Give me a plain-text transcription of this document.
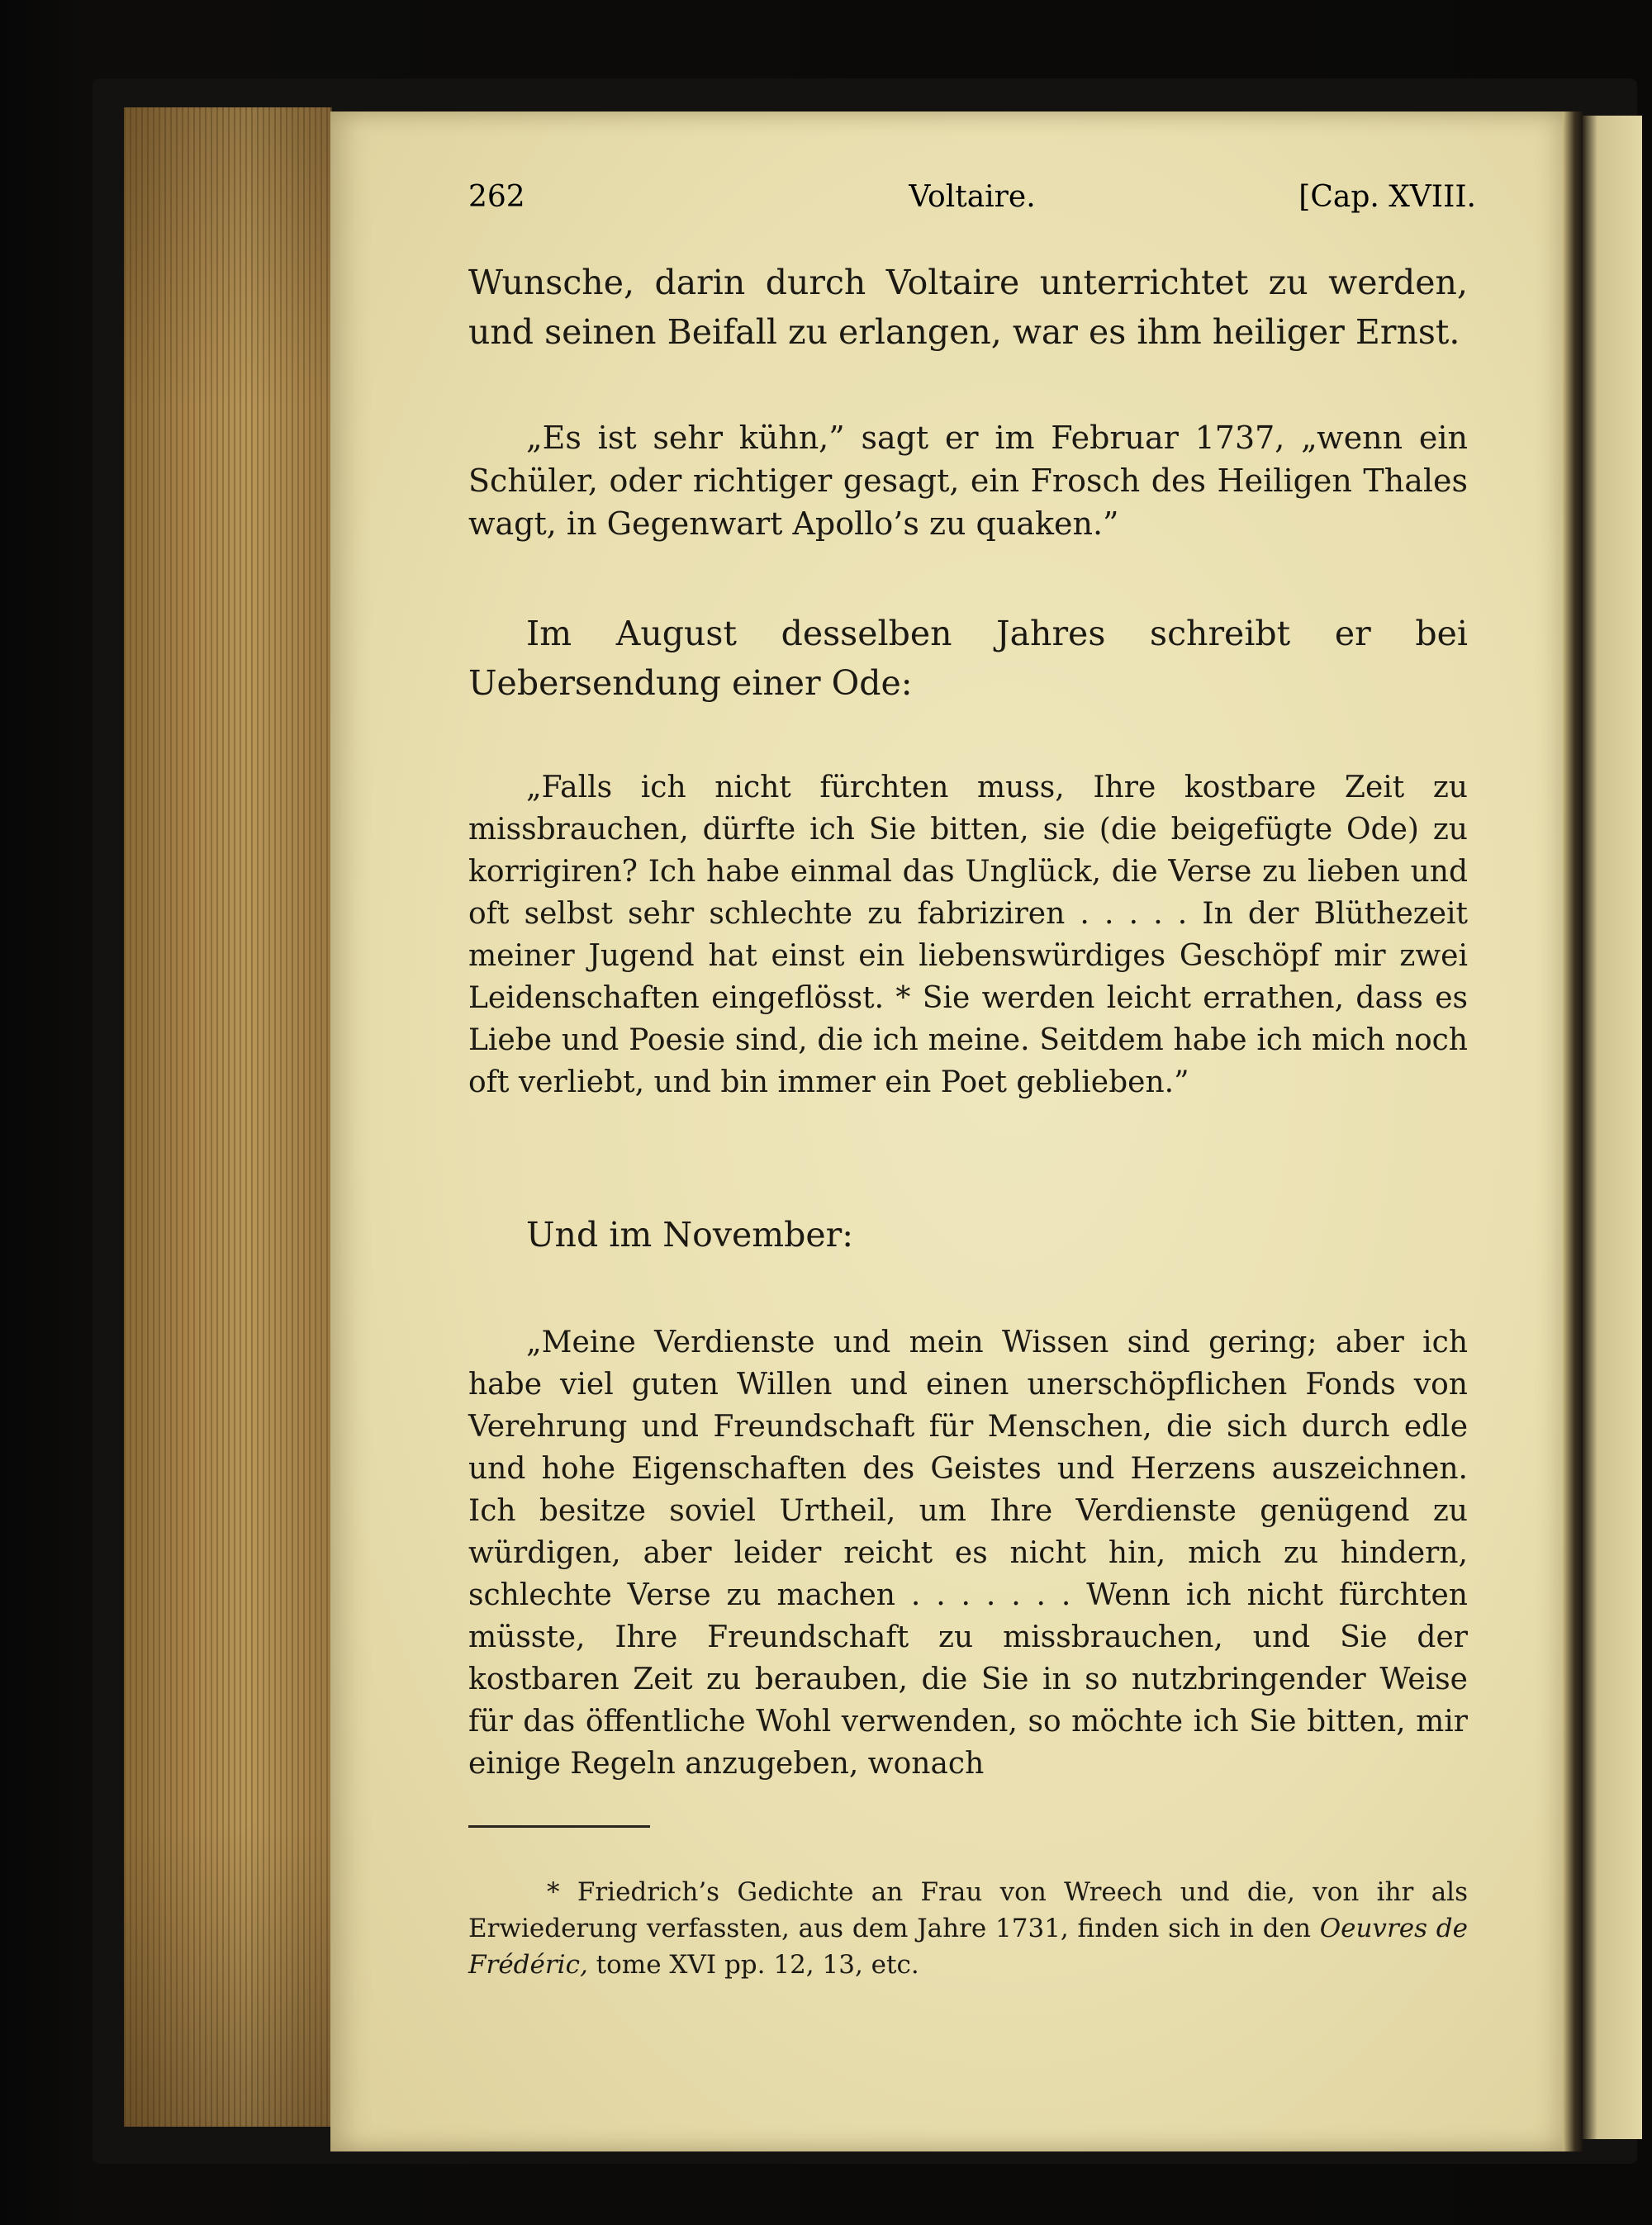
262	Voltaire.	[Cap. XVIII.

Wunsche, darin durch Voltaire unterrichtet zu werden, und seinen Beifall zu erlangen, war es ihm heiliger Ernst.

„Es ist sehr kühn,” sagt er im Februar 1737, „wenn ein Schüler, oder richtiger gesagt, ein Frosch des Heiligen Thales wagt, in Gegenwart Apollo’s zu quaken.”

Im August desselben Jahres schreibt er bei Uebersendung einer Ode:

„Falls ich nicht fürchten muss, Ihre kostbare Zeit zu missbrauchen, dürfte ich Sie bitten, sie (die beigefügte Ode) zu korrigiren? Ich habe einmal das Unglück, die Verse zu lieben und oft selbst sehr schlechte zu fabriziren . . . . . In der Blüthezeit meiner Jugend hat einst ein liebenswürdiges Geschöpf mir zwei Leidenschaften eingeflösst. * Sie werden leicht errathen, dass es Liebe und Poesie sind, die ich meine. Seitdem habe ich mich noch oft verliebt, und bin immer ein Poet geblieben.”

Und im November:

„Meine Verdienste und mein Wissen sind gering; aber ich habe viel guten Willen und einen unerschöpflichen Fonds von Verehrung und Freundschaft für Menschen, die sich durch edle und hohe Eigenschaften des Geistes und Herzens auszeichnen. Ich besitze soviel Urtheil, um Ihre Verdienste genügend zu würdigen, aber leider reicht es nicht hin, mich zu hindern, schlechte Verse zu machen . . . . . . . Wenn ich nicht fürchten müsste, Ihre Freundschaft zu missbrauchen, und Sie der kostbaren Zeit zu berauben, die Sie in so nutzbringender Weise für das öffentliche Wohl verwenden, so möchte ich Sie bitten, mir einige Regeln anzugeben, wonach

* Friedrich’s Gedichte an Frau von Wreech und die, von ihr als Erwiederung verfassten, aus dem Jahre 1731, finden sich in den Oeuvres de Frédéric, tome XVI pp. 12, 13, etc.
